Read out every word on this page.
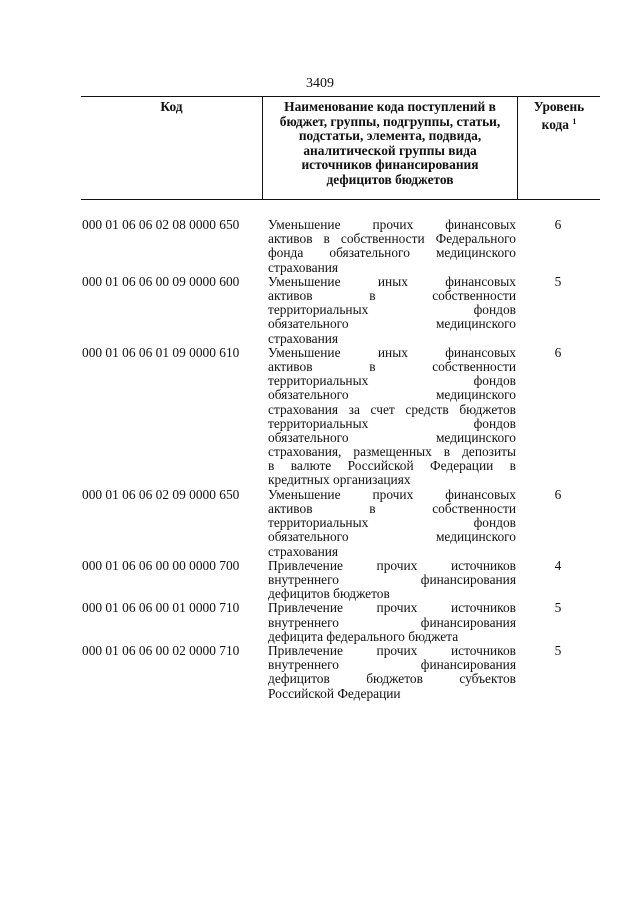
3409
Код	Наименование кода поступлений в
бюджет, группы, подгруппы, статьи,
подстатьи, элемента, подвида,
аналитической группы вида
источников финансирования
дефицитов бюджетов
Уровень
кода $^1$
000 01 06 06 02 08 0000 650 Уменьшение прочих финансовых
активов в собственности Федерального
фонда обязательного медицинского
страхования
6
000 01 06 06 00 09 0000 600 Уменьшение иных финансовых
активов в собственности
территориальных фондов
обязательного медицинского
страхования
5
000 01 06 06 01 09 0000 610 Уменьшение иных финансовых
активов в собственности
территориальных фондов
обязательного медицинского
страхования за счет средств бюджетов
территориальных фондов
обязательного медицинского
страхования, размещенных в депозиты
в валюте Российской Федерации в
кредитных организациях
6
000 01 06 06 02 09 0000 650 Уменьшение прочих финансовых
активов в собственности
территориальных фондов
обязательного медицинского
страхования
6
000 01 06 06 00 00 0000 700 Привлечение прочих источников
внутреннего финансирования
дефицитов бюджетов
4
000 01 06 06 00 01 0000 710 Привлечение прочих источников
внутреннего финансирования
дефицита федерального бюджета
5
000 01 06 06 00 02 0000 710 Привлечение прочих источников
внутреннего финансирования
дефицитов бюджетов субъектов
Российской Федерации
5
